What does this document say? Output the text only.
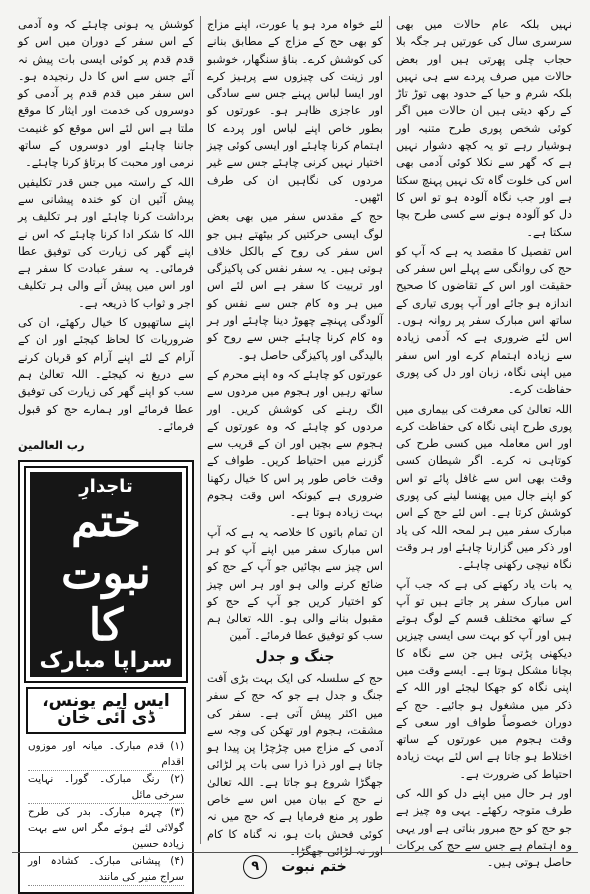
نہیں بلکہ عام حالات میں بھی سرسری سال کی عورتیں ہر جگہ بلا حجاب چلی پھرتی ہیں اور بعض حالات میں صرف پردے سے ہی نہیں بلکہ شرم و حیا کے حدود بھی توڑ تاڑ کے رکھ دیتی ہیں ان حالات میں اگر کوئی شخص پوری طرح متنبہ اور ہوشیار رہے تو یہ کچھ دشوار نہیں ہے کہ گھر سے نکلا کوئی آدمی بھی اس کی خلوت گاہ تک نہیں پہنچ سکتا ہے اور جب نگاہ آلودہ ہو تو اس کا دل کو آلودہ ہونے سے کسی طرح بچا سکتا ہے۔

اس تفصیل کا مقصد یہ ہے کہ آپ کو حج کی روانگی سے پہلے اس سفر کی حقیقت اور اس کے تقاضوں کا صحیح اندازہ ہو جائے اور آپ پوری تیاری کے ساتھ اس مبارک سفر پر روانہ ہوں۔ اس لئے ضروری ہے کہ آدمی زیادہ سے زیادہ اہتمام کرے اور اس سفر میں اپنی نگاہ، زبان اور دل کی پوری حفاظت کرے۔

اللہ تعالیٰ کی معرفت کی بیماری میں پوری طرح اپنی نگاہ کی حفاظت کرے اور اس معاملہ میں کسی طرح کی کوتاہی نہ کرے۔ اگر شیطان کسی وقت بھی اس سے غافل پائے تو اس کو اپنے جال میں پھنسا لینے کی پوری کوشش کرتا ہے۔ اس لئے حج کے اس مبارک سفر میں ہر لمحہ اللہ کی یاد اور ذکر میں گزارنا چاہئے اور ہر وقت نگاہ نیچی رکھنی چاہئے۔

یہ بات یاد رکھنے کی ہے کہ جب آپ اس مبارک سفر پر جاتے ہیں تو آپ کے ساتھ مختلف قسم کے لوگ ہوتے ہیں اور آپ کو بہت سی ایسی چیزیں دیکھنی پڑتی ہیں جن سے نگاہ کا بچانا مشکل ہوتا ہے۔ ایسے وقت میں اپنی نگاہ کو جھکا لیجئے اور اللہ کے ذکر میں مشغول ہو جائیے۔ حج کے دوران خصوصاً طواف اور سعی کے وقت ہجوم میں عورتوں کے ساتھ اختلاط ہو جاتا ہے اس لئے بہت زیادہ احتیاط کی ضرورت ہے۔

اور ہر حال میں اپنے دل کو اللہ کی طرف متوجہ رکھئے۔ یہی وہ چیز ہے جو حج کو حج مبرور بناتی ہے اور یہی وہ اہتمام ہے جس سے حج کی برکات حاصل ہوتی ہیں۔

لئے خواہ مرد ہو یا عورت، اپنے مزاج کو بھی حج کے مزاج کے مطابق بنانے کی کوشش کرے۔ بناؤ سنگھار، خوشبو اور زینت کی چیزوں سے پرہیز کرے اور ایسا لباس پہنے جس سے سادگی اور عاجزی ظاہر ہو۔ عورتوں کو بطور خاص اپنے لباس اور پردے کا اہتمام کرنا چاہئے اور ایسی کوئی چیز اختیار نہیں کرنی چاہئے جس سے غیر مردوں کی نگاہیں ان کی طرف اٹھیں۔

حج کے مقدس سفر میں بھی بعض لوگ ایسی حرکتیں کر بیٹھتے ہیں جو اس سفر کی روح کے بالکل خلاف ہوتی ہیں۔ یہ سفر نفس کی پاکیزگی اور تربیت کا سفر ہے اس لئے اس میں ہر وہ کام جس سے نفس کو آلودگی پہنچے چھوڑ دینا چاہئے اور ہر وہ کام کرنا چاہئے جس سے روح کو بالیدگی اور پاکیزگی حاصل ہو۔

عورتوں کو چاہئے کہ وہ اپنے محرم کے ساتھ رہیں اور ہجوم میں مردوں سے الگ رہنے کی کوشش کریں۔ اور مردوں کو چاہئے کہ وہ عورتوں کے ہجوم سے بچیں اور ان کے قریب سے گزرنے میں احتیاط کریں۔ طواف کے وقت خاص طور پر اس کا خیال رکھنا ضروری ہے کیونکہ اس وقت ہجوم بہت زیادہ ہوتا ہے۔

ان تمام باتوں کا خلاصہ یہ ہے کہ آپ اس مبارک سفر میں اپنے آپ کو ہر اس چیز سے بچائیں جو آپ کے حج کو ضائع کرنے والی ہو اور ہر اس چیز کو اختیار کریں جو آپ کے حج کو مقبول بنانے والی ہو۔ اللہ تعالیٰ ہم سب کو توفیق عطا فرمائے۔ آمین

جنگ و جدل

حج کے سلسلہ کی ایک بہت بڑی آفت جنگ و جدل ہے جو کہ حج کے سفر میں اکثر پیش آتی ہے۔ سفر کی مشقت، ہجوم اور تھکن کی وجہ سے آدمی کے مزاج میں چڑچڑا پن پیدا ہو جاتا ہے اور ذرا ذرا سی بات پر لڑائی جھگڑا شروع ہو جاتا ہے۔ اللہ تعالیٰ نے حج کے بیان میں اس سے خاص طور پر منع فرمایا ہے کہ حج میں نہ کوئی فحش بات ہو، نہ گناہ کا کام اور نہ لڑائی جھگڑا۔

کوشش یہ ہونی چاہئے کہ وہ آدمی کے اس سفر کے دوران میں اس کو قدم قدم پر کوئی ایسی بات پیش نہ آئے جس سے اس کا دل رنجیدہ ہو۔ اس سفر میں قدم قدم پر آدمی کو دوسروں کی خدمت اور ایثار کا موقع ملتا ہے اس لئے اس موقع کو غنیمت جاننا چاہئے اور دوسروں کے ساتھ نرمی اور محبت کا برتاؤ کرنا چاہئے۔

اللہ کے راستہ میں جس قدر تکلیفیں پیش آئیں ان کو خندہ پیشانی سے برداشت کرنا چاہئے اور ہر تکلیف پر اللہ کا شکر ادا کرنا چاہئے کہ اس نے اپنے گھر کی زیارت کی توفیق عطا فرمائی۔ یہ سفر عبادت کا سفر ہے اور اس میں پیش آنے والی ہر تکلیف اجر و ثواب کا ذریعہ ہے۔

اپنے ساتھیوں کا خیال رکھئے، ان کی ضروریات کا لحاظ کیجئے اور ان کے آرام کے لئے اپنے آرام کو قربان کرنے سے دریغ نہ کیجئے۔ اللہ تعالیٰ ہم سب کو اپنے گھر کی زیارت کی توفیق عطا فرمائے اور ہمارے حج کو قبول فرمائے۔

رب العالمین
تاجدارِ
ختم نبوت کا
سراپا مبارک
ایس ایم یونس، ڈی آئی خان
(۱) قدم مبارک۔ میانہ اور موزوں اقدام
(۲) رنگ مبارک۔ گورا۔ نہایت سرخی مائل
(۳) چہرہ مبارک۔ بدر کی طرح گولائی لئے ہوئے مگر اس سے بہت زیادہ حسین
(۴) پیشانی مبارک۔ کشادہ اور سراج منیر کی مانند
۹	ختم نبوت
